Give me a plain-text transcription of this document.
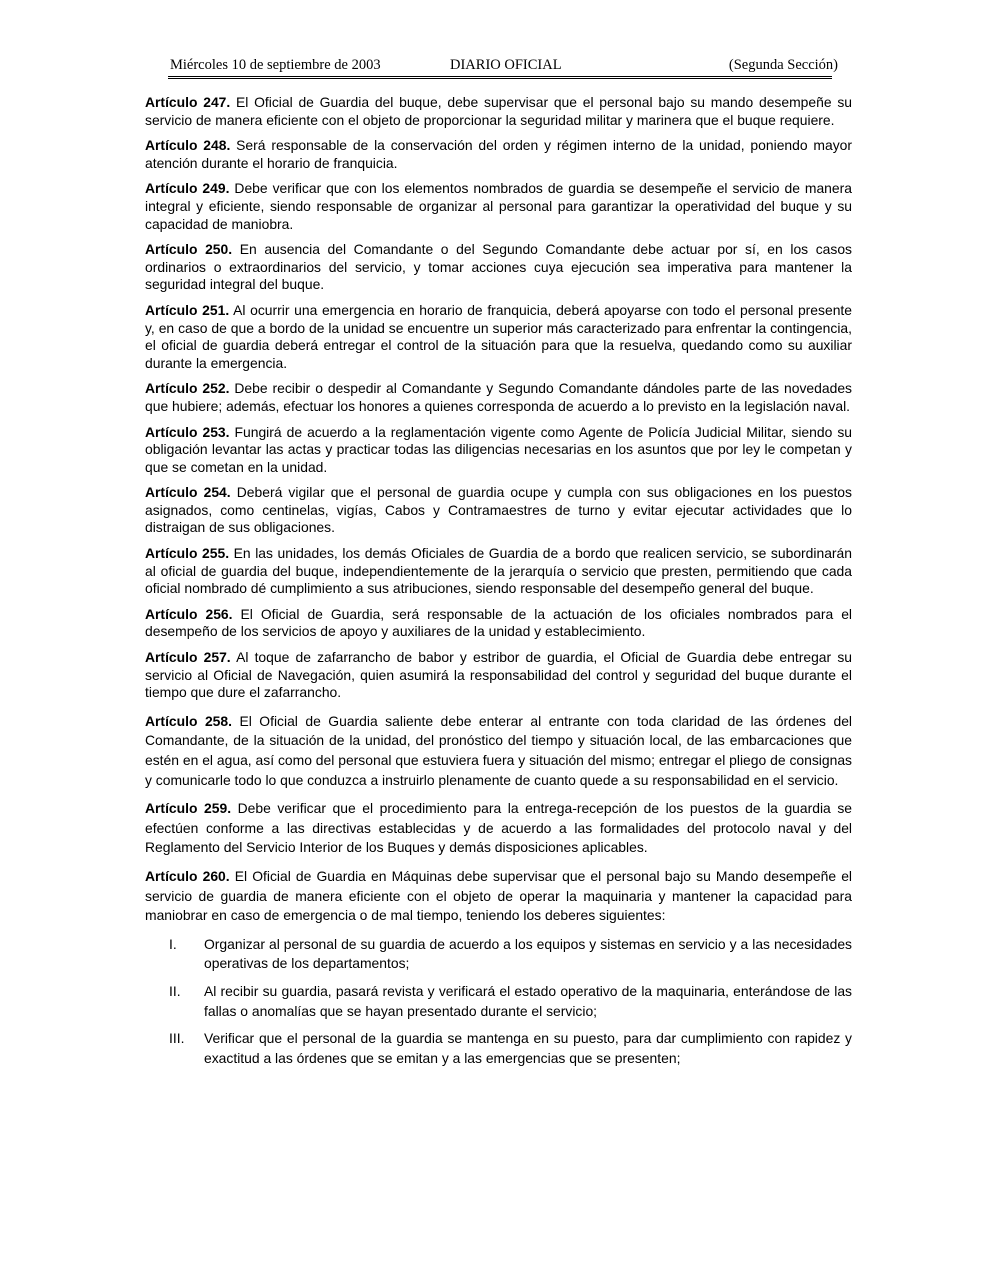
Miércoles 10 de septiembre de 2003	DIARIO OFICIAL	(Segunda Sección)

Artículo 247. El Oficial de Guardia del buque, debe supervisar que el personal bajo su mando desempeñe su servicio de manera eficiente con el objeto de proporcionar la seguridad militar y marinera que el buque requiere.

Artículo 248. Será responsable de la conservación del orden y régimen interno de la unidad, poniendo mayor atención durante el horario de franquicia.

Artículo 249. Debe verificar que con los elementos nombrados de guardia se desempeñe el servicio de manera integral y eficiente, siendo responsable de organizar al personal para garantizar la operatividad del buque y su capacidad de maniobra.

Artículo 250. En ausencia del Comandante o del Segundo Comandante debe actuar por sí, en los casos ordinarios o extraordinarios del servicio, y tomar acciones cuya ejecución sea imperativa para mantener la seguridad integral del buque.

Artículo 251. Al ocurrir una emergencia en horario de franquicia, deberá apoyarse con todo el personal presente y, en caso de que a bordo de la unidad se encuentre un superior más caracterizado para enfrentar la contingencia, el oficial de guardia deberá entregar el control de la situación para que la resuelva, quedando como su auxiliar durante la emergencia.

Artículo 252. Debe recibir o despedir al Comandante y Segundo Comandante dándoles parte de las novedades que hubiere; además, efectuar los honores a quienes corresponda de acuerdo a lo previsto en la legislación naval.

Artículo 253. Fungirá de acuerdo a la reglamentación vigente como Agente de Policía Judicial Militar, siendo su obligación levantar las actas y practicar todas las diligencias necesarias en los asuntos que por ley le competan y que se cometan en la unidad.

Artículo 254. Deberá vigilar que el personal de guardia ocupe y cumpla con sus obligaciones en los puestos asignados, como centinelas, vigías, Cabos y Contramaestres de turno y evitar ejecutar actividades que lo distraigan de sus obligaciones.

Artículo 255. En las unidades, los demás Oficiales de Guardia de a bordo que realicen servicio, se subordinarán al oficial de guardia del buque, independientemente de la jerarquía o servicio que presten, permitiendo que cada oficial nombrado dé cumplimiento a sus atribuciones, siendo responsable del desempeño general del buque.

Artículo 256. El Oficial de Guardia, será responsable de la actuación de los oficiales nombrados para el desempeño de los servicios de apoyo y auxiliares de la unidad y establecimiento.

Artículo 257. Al toque de zafarrancho de babor y estribor de guardia, el Oficial de Guardia debe entregar su servicio al Oficial de Navegación, quien asumirá la responsabilidad del control y seguridad del buque durante el tiempo que dure el zafarrancho.

Artículo 258. El Oficial de Guardia saliente debe enterar al entrante con toda claridad de las órdenes del Comandante, de la situación de la unidad, del pronóstico del tiempo y situación local, de las embarcaciones que estén en el agua, así como del personal que estuviera fuera y situación del mismo; entregar el pliego de consignas y comunicarle todo lo que conduzca a instruirlo plenamente de cuanto quede a su responsabilidad en el servicio.

Artículo 259. Debe verificar que el procedimiento para la entrega-recepción de los puestos de la guardia se efectúen conforme a las directivas establecidas y de acuerdo a las formalidades del protocolo naval y del Reglamento del Servicio Interior de los Buques y demás disposiciones aplicables.

Artículo 260. El Oficial de Guardia en Máquinas debe supervisar que el personal bajo su Mando desempeñe el servicio de guardia de manera eficiente con el objeto de operar la maquinaria y mantener la capacidad para maniobrar en caso de emergencia o de mal tiempo, teniendo los deberes siguientes:

I. Organizar al personal de su guardia de acuerdo a los equipos y sistemas en servicio y a las necesidades operativas de los departamentos;
II. Al recibir su guardia, pasará revista y verificará el estado operativo de la maquinaria, enterándose de las fallas o anomalías que se hayan presentado durante el servicio;
III. Verificar que el personal de la guardia se mantenga en su puesto, para dar cumplimiento con rapidez y exactitud a las órdenes que se emitan y a las emergencias que se presenten;
